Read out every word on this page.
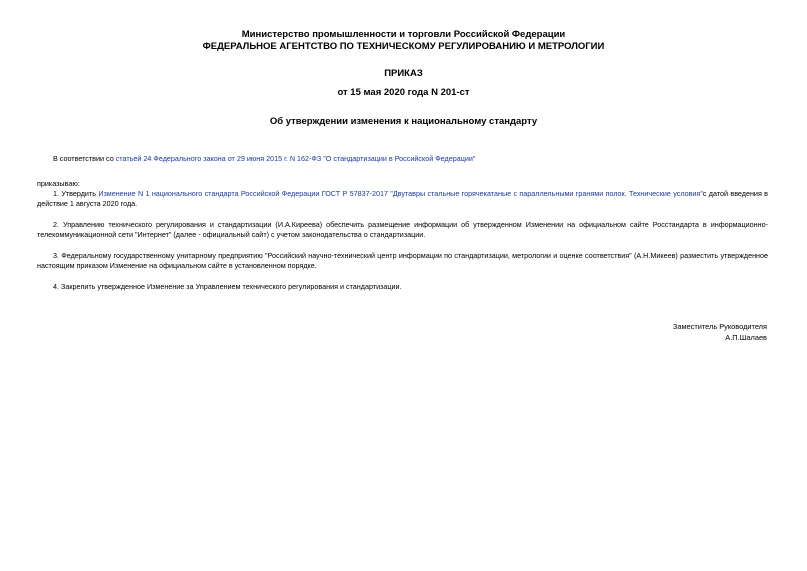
Министерство промышленности и торговли Российской Федерации
ФЕДЕРАЛЬНОЕ АГЕНТСТВО ПО ТЕХНИЧЕСКОМУ РЕГУЛИРОВАНИЮ И МЕТРОЛОГИИ
ПРИКАЗ
от 15 мая 2020 года N 201-ст
Об утверждении изменения к национальному стандарту

В соответствии со статьей 24 Федерального закона от 29 июня 2015 г. N 162-ФЗ "О стандартизации в Российской Федерации"

приказываю:

1. Утвердить Изменение N 1 национального стандарта Российской Федерации ГОСТ Р 57837-2017 "Двутавры стальные горячекатаные с параллельными гранями полок. Технические условия"с датой введения в действие 1 августа 2020 года.

2. Управлению технического регулирования и стандартизации (И.А.Киреева) обеспечить размещение информации об утвержденном Изменении на официальном сайте Росстандарта в информационно-телекоммуникационной сети "Интернет" (далее - официальный сайт) с учетом законодательства о стандартизации.

3. Федеральному государственному унитарному предприятию "Российский научно-технический центр информации по стандартизации, метрологии и оценке соответствия" (А.Н.Микеев) разместить утвержденное настоящим приказом Изменение на официальном сайте в установленном порядке.

4. Закрепить утвержденное Изменение за Управлением технического регулирования и стандартизации.

Заместитель Руководителя
А.П.Шалаев
